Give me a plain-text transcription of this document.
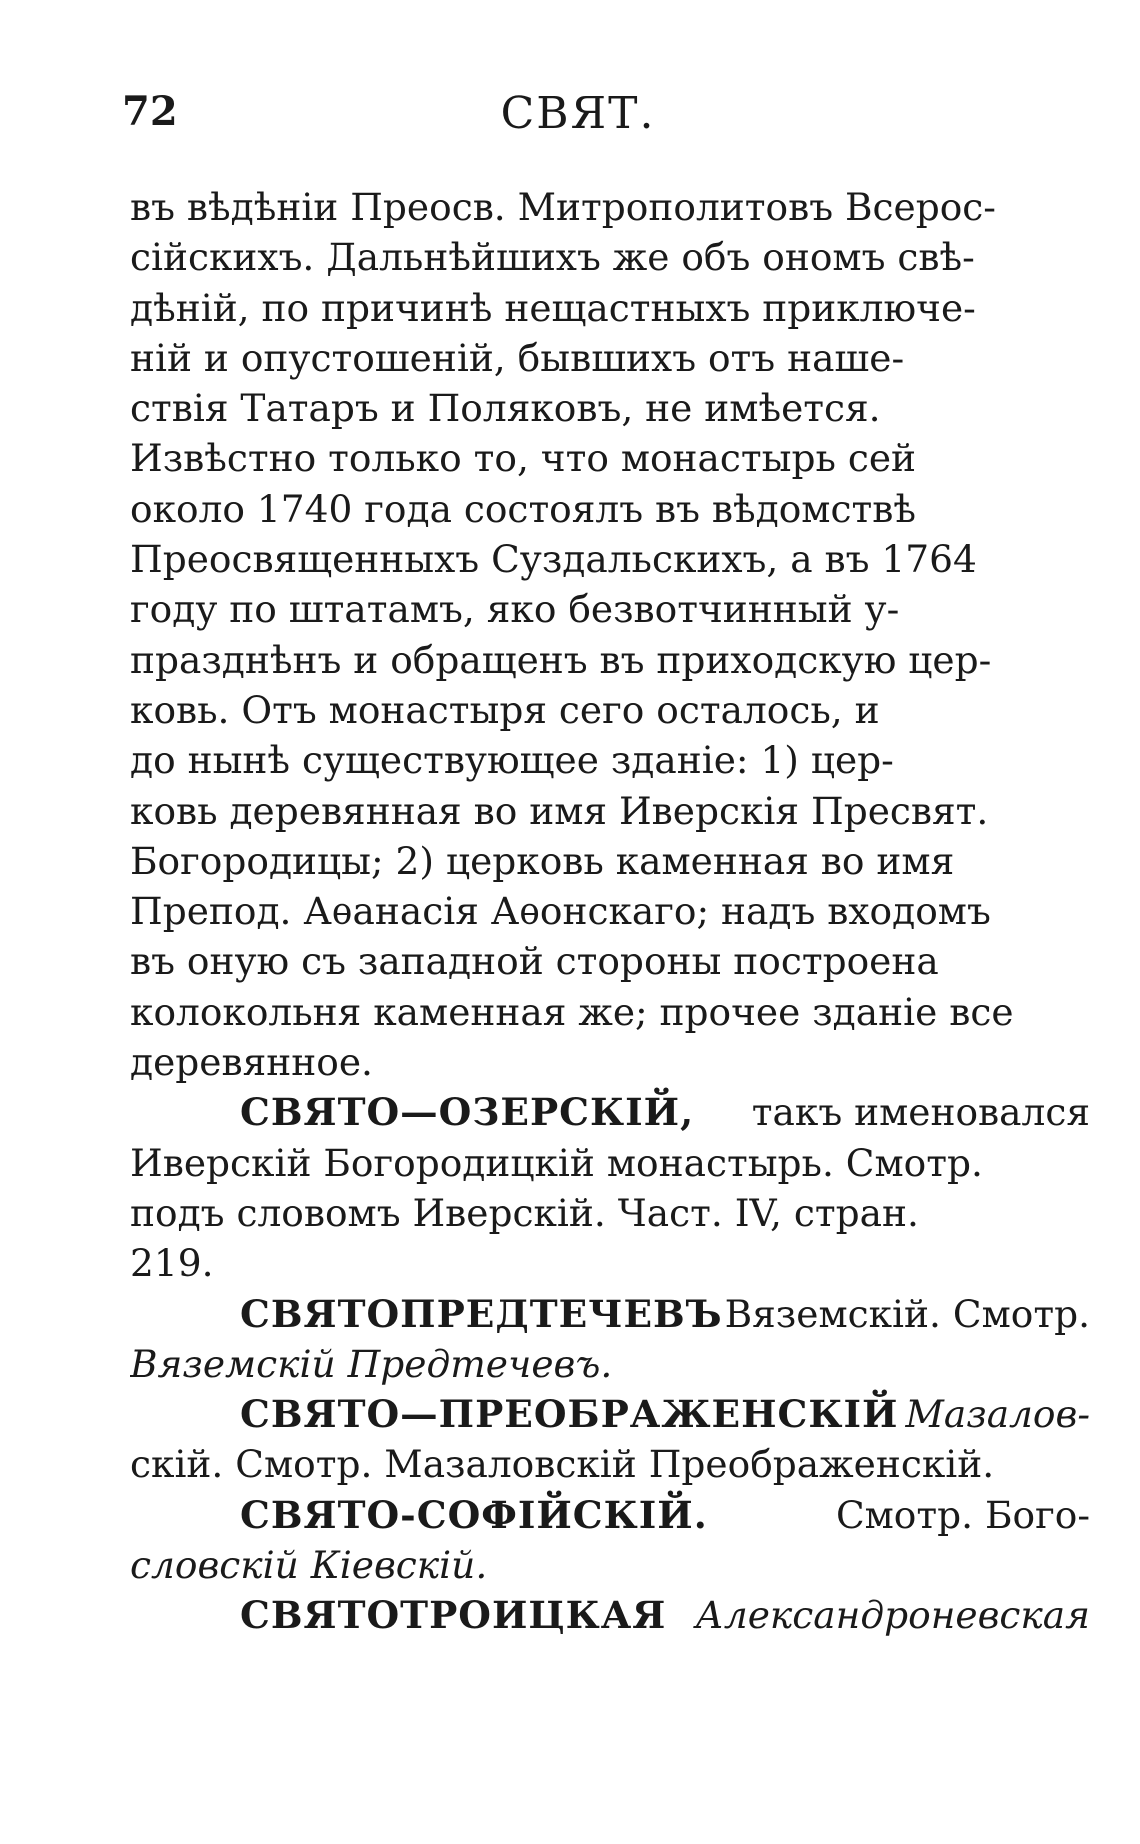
72	СВЯТ.
въ вѣдѣніи Преосв. Митрополитовъ Всерос-
сійскихъ. Дальнѣйшихъ же объ ономъ свѣ-
дѣній, по причинѣ нещастныхъ приключе-
ній и опустошеній, бывшихъ отъ наше-
ствія Татаръ и Поляковъ, не имѣется.
Извѣстно только то, что монастырь сей
около 1740 года состоялъ въ вѣдомствѣ
Преосвященныхъ Суздальскихъ, а въ 1764
году по штатамъ, яко безвотчинный у-
празднѣнъ и обращенъ въ приходскую цер-
ковь. Отъ монастыря сего осталось, и
до нынѣ существующее зданіе: 1) цер-
ковь деревянная во имя Иверскія Пресвят.
Богородицы; 2) церковь каменная во имя
Препод. Аѳанасія Аѳонскаго; надъ входомъ
въ оную съ западной стороны построена
колокольня каменная же; прочее зданіе все
деревянное.
СВЯТО—ОЗЕРСКІЙ, такъ именовался
Иверскій Богородицкій монастырь. Смотр.
подъ словомъ Иверскій. Част. IV, стран.
219.
СВЯТОПРЕДТЕЧЕВЪ Вяземскій. Смотр.
Вяземскій Предтечевъ.
СВЯТО—ПРЕОБРАЖЕНСКІЙ Мазалов-
скій. Смотр. Мазаловскій Преображенскій.
СВЯТО-СОФІЙСКІЙ.	Смотр. Бого-
словскій Кіевскій.
СВЯТОТРОИЦКАЯ Александроневская
